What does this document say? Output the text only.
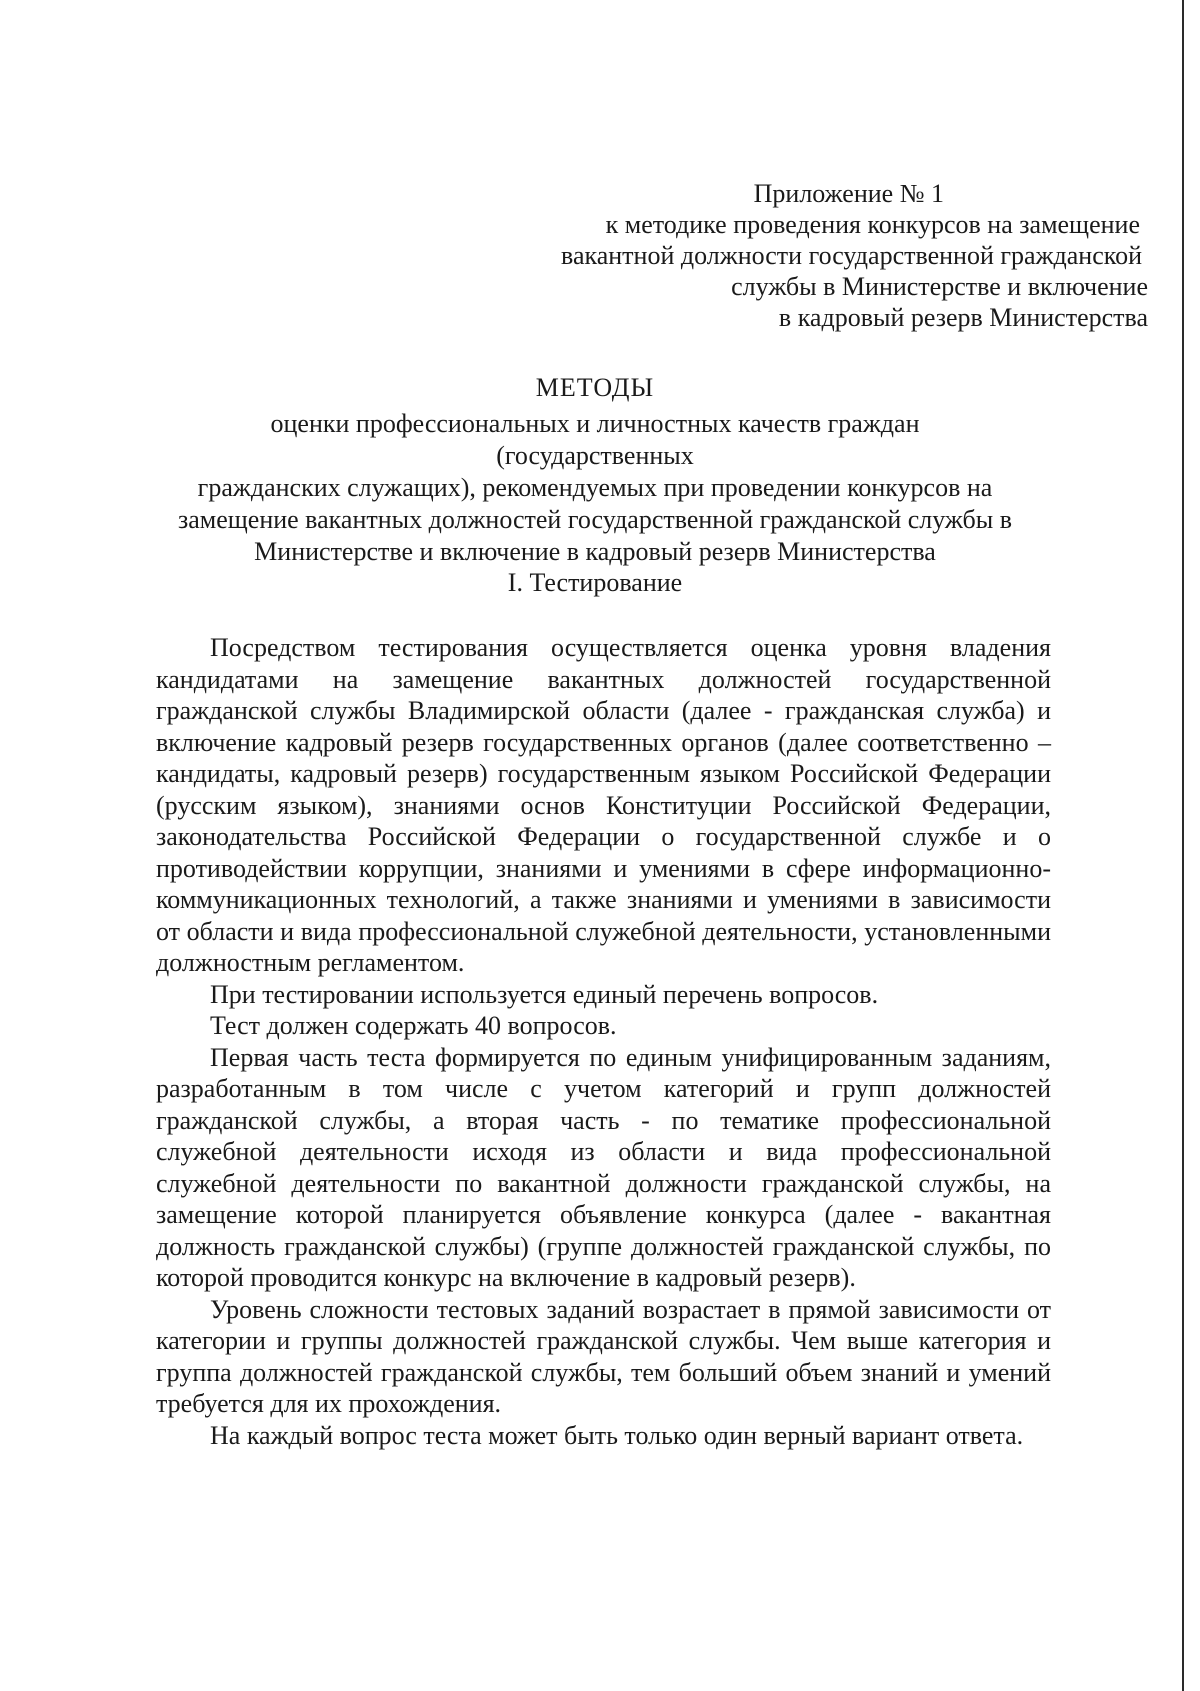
Приложение № 1
к методике проведения конкурсов на замещение
вакантной должности государственной гражданской
службы в Министерстве и включение
в кадровый резерв Министерства
МЕТОДЫ
оценки профессиональных и личностных качеств граждан (государственных
гражданских служащих), рекомендуемых при проведении конкурсов на
замещение вакантных должностей государственной гражданской службы в
Министерстве и включение в кадровый резерв Министерства
I. Тестирование

Посредством тестирования осуществляется оценка уровня владения кандидатами на замещение вакантных должностей государственной гражданской службы Владимирской области (далее - гражданская служба) и включение кадровый резерв государственных органов (далее соответственно – кандидаты, кадровый резерв) государственным языком Российской Федерации (русским языком), знаниями основ Конституции Российской Федерации, законодательства Российской Федерации о государственной службе и о противодействии коррупции, знаниями и умениями в сфере информационно-коммуникационных технологий, а также знаниями и умениями в зависимости от области и вида профессиональной служебной деятельности, установленными должностным регламентом.

При тестировании используется единый перечень вопросов.

Тест должен содержать 40 вопросов.

Первая часть теста формируется по единым унифицированным заданиям, разработанным в том числе с учетом категорий и групп должностей гражданской службы, а вторая часть - по тематике профессиональной служебной деятельности исходя из области и вида профессиональной служебной деятельности по вакантной должности гражданской службы, на замещение которой планируется объявление конкурса (далее - вакантная должность гражданской службы) (группе должностей гражданской службы, по которой проводится конкурс на включение в кадровый резерв).

Уровень сложности тестовых заданий возрастает в прямой зависимости от категории и группы должностей гражданской службы. Чем выше категория и группа должностей гражданской службы, тем больший объем знаний и умений требуется для их прохождения.

На каждый вопрос теста может быть только один верный вариант ответа.
